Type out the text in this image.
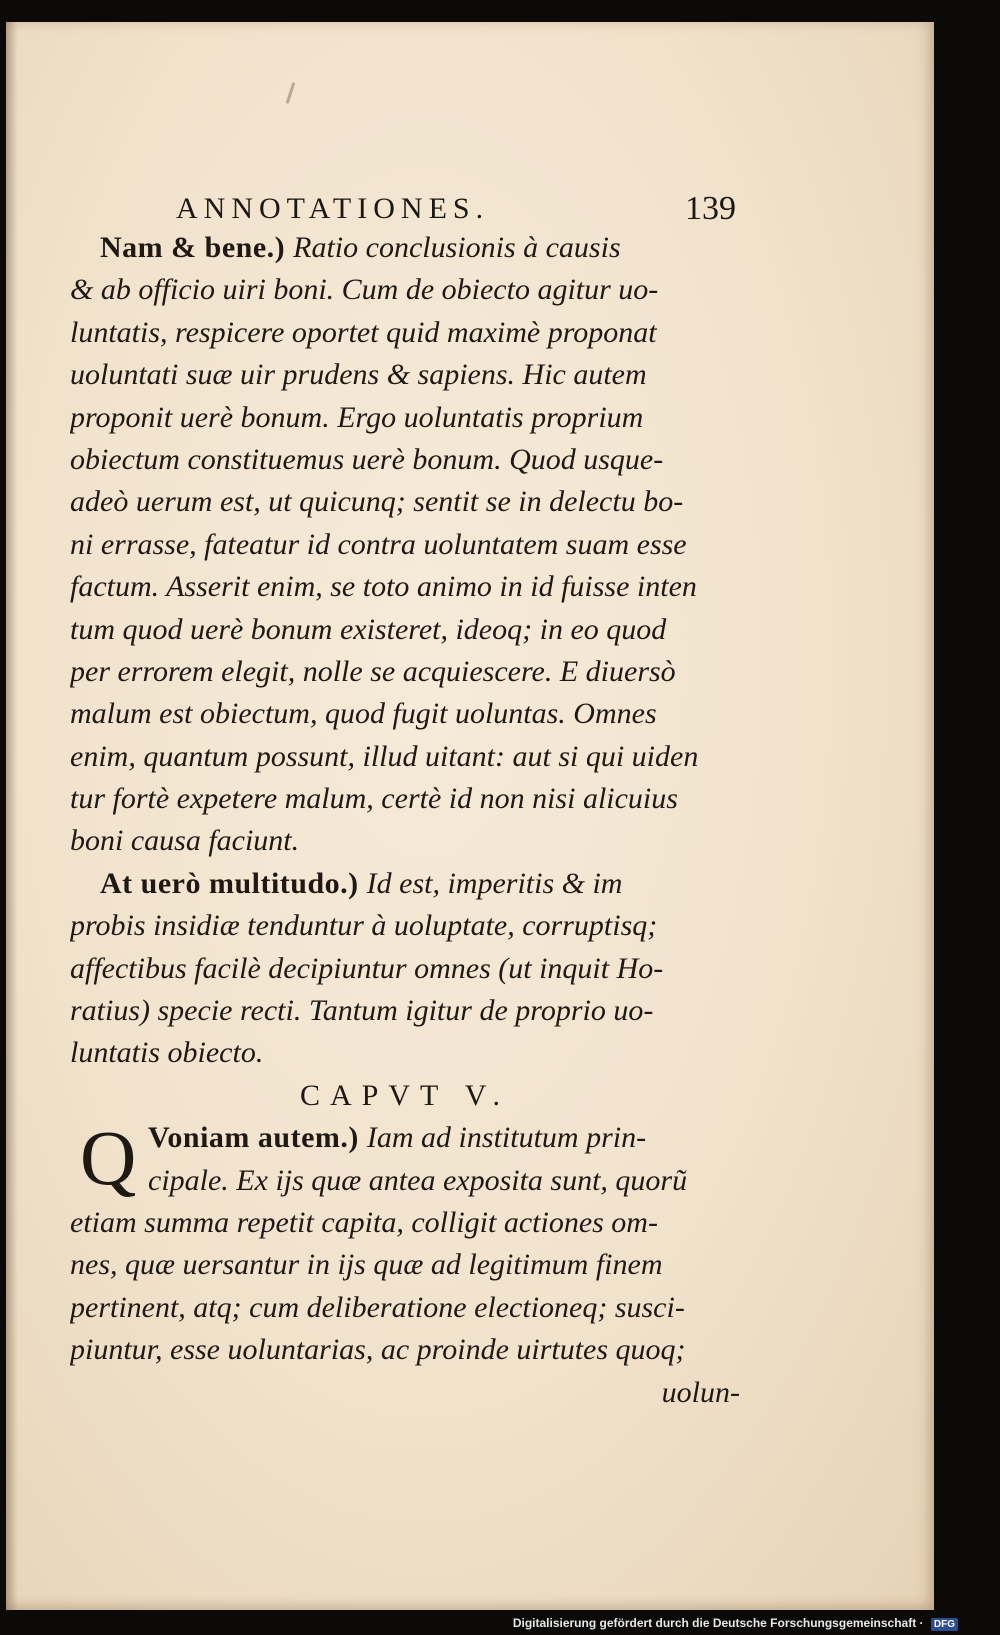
ANNOTATIONES.	139
Nam & bene.) Ratio conclusionis à causis
& ab officio uiri boni. Cum de obiecto agitur uo-
luntatis, respicere oportet quid maximè proponat
uoluntati suæ uir prudens & sapiens. Hic autem
proponit uerè bonum. Ergo uoluntatis proprium
obiectum constituemus uerè bonum. Quod usque-
adeò uerum est, ut quicunq; sentit se in delectu bo-
ni errasse, fateatur id contra uoluntatem suam esse
factum. Asserit enim, se toto animo in id fuisse inten
tum quod uerè bonum existeret, ideoq; in eo quod
per errorem elegit, nolle se acquiescere. E diuersò
malum est obiectum, quod fugit uoluntas. Omnes
enim, quantum possunt, illud uitant: aut si qui uiden
tur fortè expetere malum, certè id non nisi alicuius
boni causa faciunt.
At uerò multitudo.) Id est, imperitis & im
probis insidiæ tenduntur à uoluptate, corruptisq;
affectibus facilè decipiuntur omnes (ut inquit Ho-
ratius) specie recti. Tantum igitur de proprio uo-
luntatis obiecto.
CAPVT V.
Q Voniam autem.) Iam ad institutum prin-
cipale. Ex ijs quæ antea exposita sunt, quorũ
etiam summa repetit capita, colligit actiones om-
nes, quæ uersantur in ijs quæ ad legitimum finem
pertinent, atq; cum deliberatione electioneq; susci-
piuntur, esse uoluntarias, ac proinde uirtutes quoq;
uolun-
Digitalisierung gefördert durch die Deutsche Forschungsgemeinschaft · DFG
